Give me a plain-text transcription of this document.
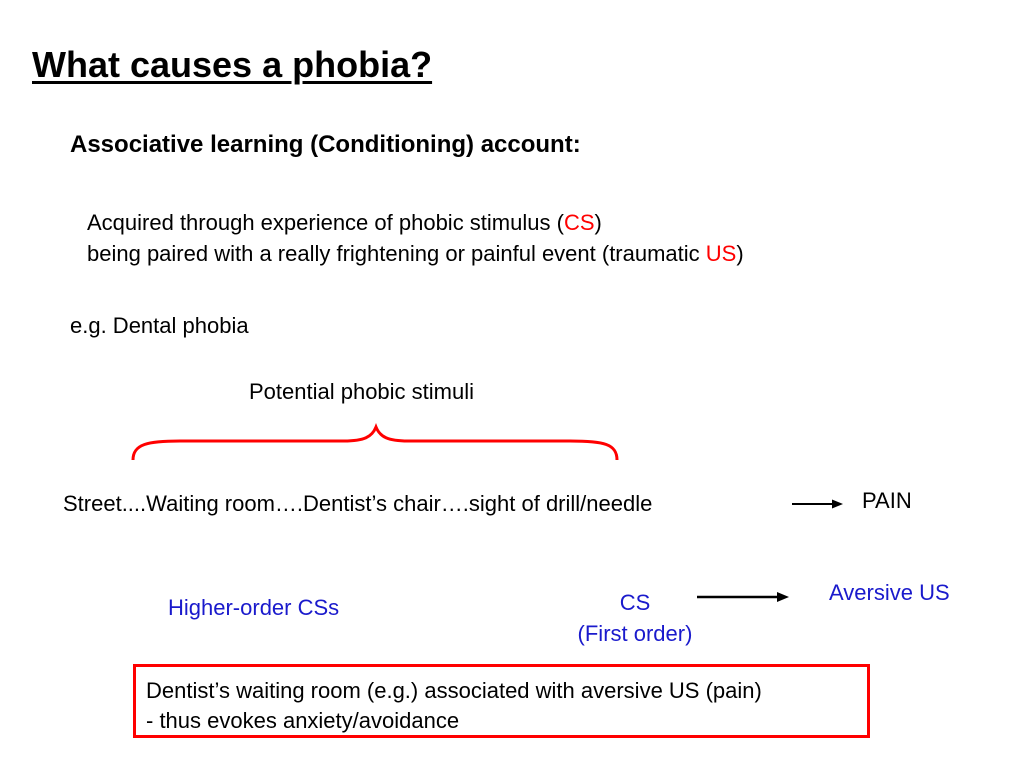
What causes a phobia?
Associative learning (Conditioning) account:
Acquired through experience of phobic stimulus (CS)
being paired with a really frightening or painful event (traumatic US)
e.g. Dental phobia
Potential phobic stimuli
Street....Waiting room….Dentist’s chair….sight of drill/needle	PAIN
Higher-order CSs	CS
(First order)
Aversive US
Dentist’s waiting room (e.g.) associated with aversive US (pain)
- thus evokes anxiety/avoidance
